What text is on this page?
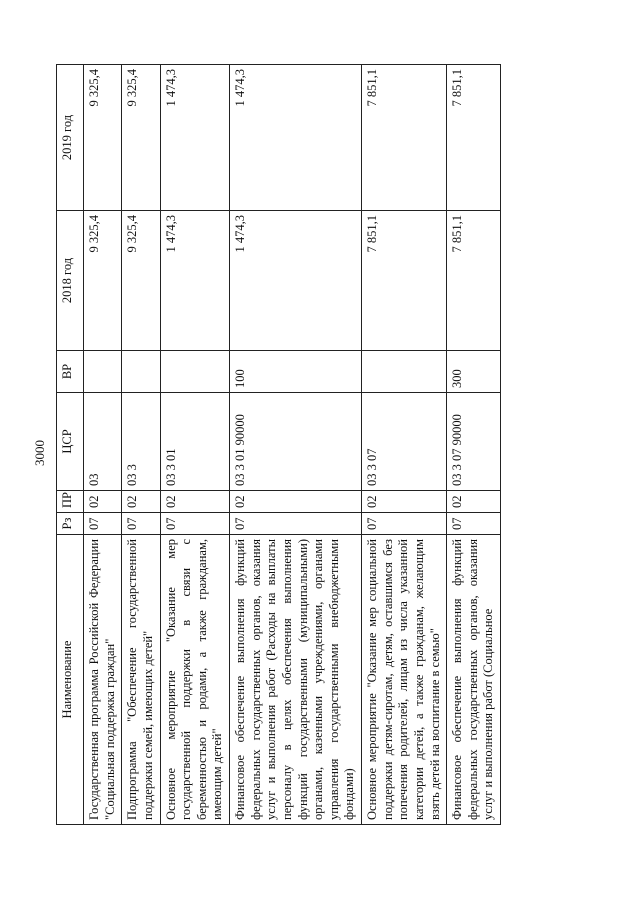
3000
Наименование	Рз	ПР	ЦСР	ВР	2018 год	2019 год
Государственная программа Российской Федерации "Социальная поддержка граждан"	07	02	03		9 325,4	9 325,4
Подпрограмма "Обеспечение государственной поддержки семей, имеющих детей"	07	02	03 3		9 325,4	9 325,4
Основное мероприятие "Оказание мер государственной поддержки в связи с беременностью и родами, а также гражданам, имеющим детей"	07	02	03 3 01		1 474,3	1 474,3
Финансовое обеспечение выполнения функций федеральных государственных органов, оказания услуг и выполнения работ (Расходы на выплаты персоналу в целях обеспечения выполнения функций государственными (муниципальными) органами, казенными учреждениями, органами управления государственными внебюджетными фондами)	07	02	03 3 01 90000	100	1 474,3	1 474,3
Основное мероприятие "Оказание мер социальной поддержки детям-сиротам, детям, оставшимся без попечения родителей, лицам из числа указанной категории детей, а также гражданам, желающим взять детей на воспитание в семью"	07	02	03 3 07		7 851,1	7 851,1
Финансовое обеспечение выполнения функций федеральных государственных органов, оказания услуг и выполнения работ (Социальное	07	02	03 3 07 90000	300	7 851,1	7 851,1
